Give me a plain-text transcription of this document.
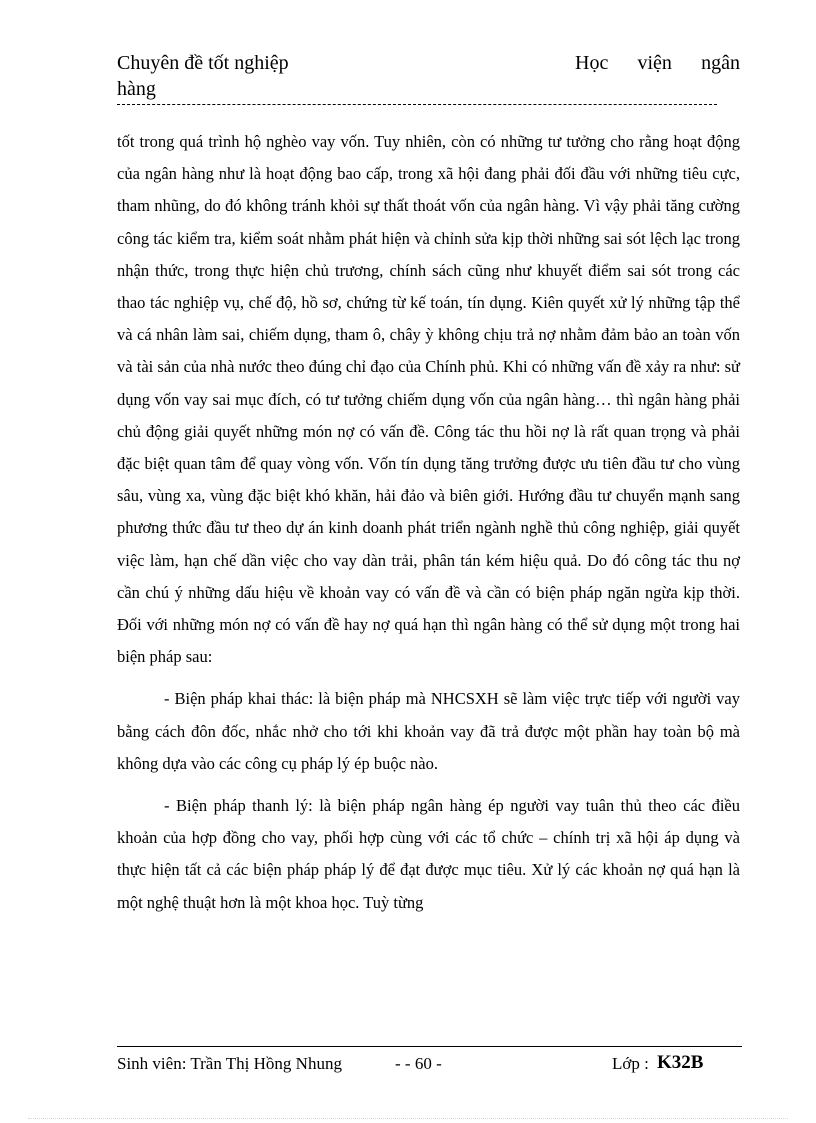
Chuyên đề tốt nghiệp	Học viện ngân
hàng

tốt trong quá trình hộ nghèo vay vốn. Tuy nhiên, còn có những tư tưởng cho rằng hoạt động của ngân hàng như là hoạt động bao cấp, trong xã hội đang phải đối đầu với những tiêu cực, tham nhũng, do đó không tránh khỏi sự thất thoát vốn của ngân hàng. Vì vậy phải tăng cường công tác kiểm tra, kiểm soát nhằm phát hiện và chỉnh sửa kịp thời những sai sót lệch lạc trong nhận thức, trong thực hiện chủ trương, chính sách cũng như khuyết điểm sai sót trong các thao tác nghiệp vụ, chế độ, hồ sơ, chứng từ kế toán, tín dụng. Kiên quyết xử lý những tập thể và cá nhân làm sai, chiếm dụng, tham ô, chây ỳ không chịu trả nợ nhằm đảm bảo an toàn vốn và tài sản của nhà nước theo đúng chỉ đạo của Chính phủ. Khi có những vấn đề xảy ra như: sử dụng vốn vay sai mục đích, có tư tưởng chiếm dụng vốn của ngân hàng… thì ngân hàng phải chủ động giải quyết những món nợ có vấn đề. Công tác thu hồi nợ là rất quan trọng và phải đặc biệt quan tâm để quay vòng vốn. Vốn tín dụng tăng trưởng được ưu tiên đầu tư cho vùng sâu, vùng xa, vùng đặc biệt khó khăn, hải đảo và biên giới. Hướng đầu tư chuyển mạnh sang phương thức đầu tư theo dự án kinh doanh phát triển ngành nghề thủ công nghiệp, giải quyết việc làm, hạn chế dần việc cho vay dàn trải, phân tán kém hiệu quả. Do đó công tác thu nợ cần chú ý những dấu hiệu về khoản vay có vấn đề và cần có biện pháp ngăn ngừa kịp thời. Đối với những món nợ có vấn đề hay nợ quá hạn thì ngân hàng có thể sử dụng một trong hai biện pháp sau:

- Biện pháp khai thác: là biện pháp mà NHCSXH sẽ làm việc trực tiếp với người vay bằng cách đôn đốc, nhắc nhở cho tới khi khoản vay đã trả được một phần hay toàn bộ mà không dựa vào các công cụ pháp lý ép buộc nào.

- Biện pháp thanh lý: là biện pháp ngân hàng ép người vay tuân thủ theo các điều khoản của hợp đồng cho vay, phối hợp cùng với các tổ chức – chính trị xã hội áp dụng và thực hiện tất cả các biện pháp pháp lý để đạt được mục tiêu. Xử lý các khoản nợ quá hạn là một nghệ thuật hơn là một khoa học. Tuỳ từng

Sinh viên: Trần Thị Hồng Nhung	- - 60 -	Lớp : K32B
